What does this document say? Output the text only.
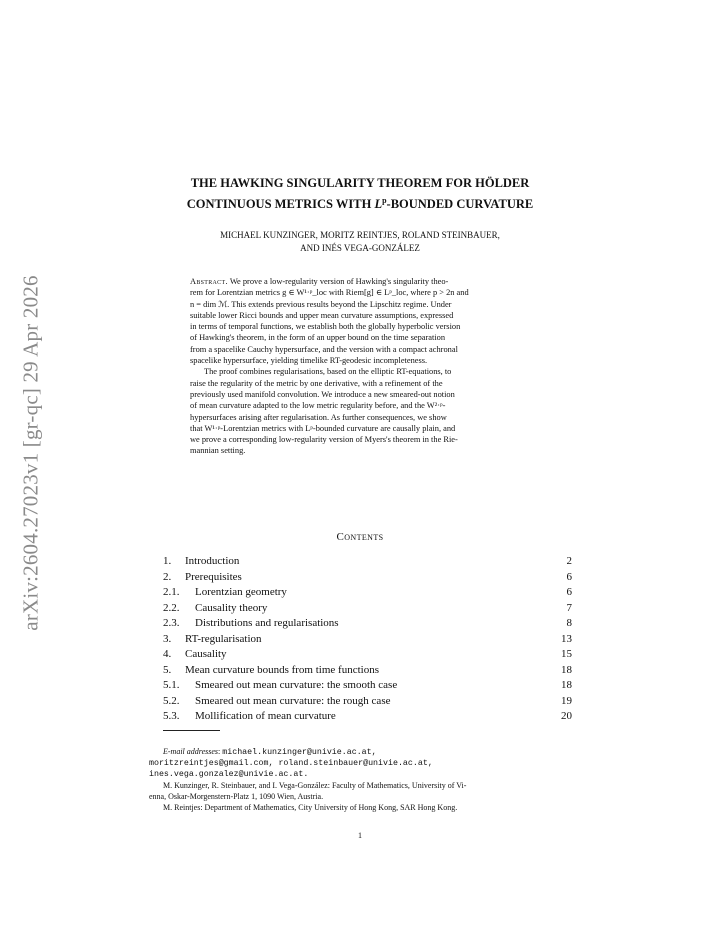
arXiv:2604.27023v1 [gr-qc] 29 Apr 2026
THE HAWKING SINGULARITY THEOREM FOR HÖLDER
CONTINUOUS METRICS WITH $L^p$-BOUNDED CURVATURE
MICHAEL KUNZINGER, MORITZ REINTJES, ROLAND STEINBAUER,
AND INÉS VEGA-GONZÁLEZ
Abstract. We prove a low-regularity version of Hawking's singularity theo-
rem for Lorentzian metrics g ∈ W¹·ᵖ_loc with Riem[g] ∈ Lᵖ_loc, where p > 2n and
n = dim ℳ. This extends previous results beyond the Lipschitz regime. Under
suitable lower Ricci bounds and upper mean curvature assumptions, expressed
in terms of temporal functions, we establish both the globally hyperbolic version
of Hawking's theorem, in the form of an upper bound on the time separation
from a spacelike Cauchy hypersurface, and the version with a compact achronal
spacelike hypersurface, yielding timelike RT-geodesic incompleteness.
The proof combines regularisations, based on the elliptic RT-equations, to
raise the regularity of the metric by one derivative, with a refinement of the
previously used manifold convolution. We introduce a new smeared-out notion
of mean curvature adapted to the low metric regularity before, and the W²·ᵖ-
hypersurfaces arising after regularisation. As further consequences, we show
that W¹·ᵖ-Lorentzian metrics with Lᵖ-bounded curvature are causally plain, and
we prove a corresponding low-regularity version of Myers's theorem in the Rie-
mannian setting.
Contents
1. Introduction	2
2. Prerequisites	6
2.1. Lorentzian geometry	6
2.2. Causality theory	7
2.3. Distributions and regularisations	8
3. RT-regularisation	13
4. Causality	15
5. Mean curvature bounds from time functions	18
5.1. Smeared out mean curvature: the smooth case	18
5.2. Smeared out mean curvature: the rough case	19
5.3. Mollification of mean curvature	20
E-mail addresses: michael.kunzinger@univie.ac.at,
moritzreintjes@gmail.com, roland.steinbauer@univie.ac.at,
ines.vega.gonzalez@univie.ac.at.
M. Kunzinger, R. Steinbauer, and I. Vega-González: Faculty of Mathematics, University of Vi-
enna, Oskar-Morgenstern-Platz 1, 1090 Wien, Austria.
M. Reintjes: Department of Mathematics, City University of Hong Kong, SAR Hong Kong.
1
